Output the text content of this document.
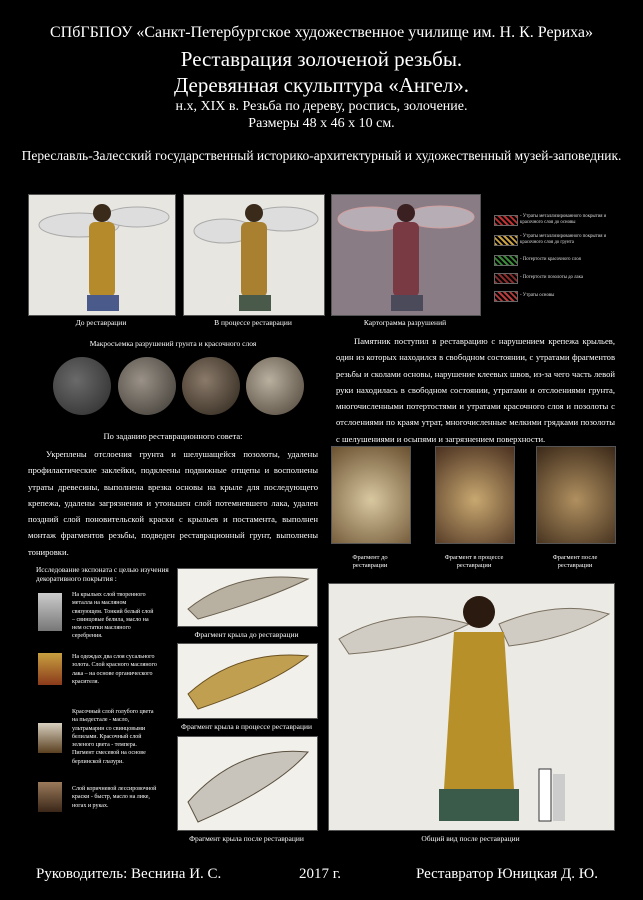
СПбГБПОУ «Санкт-Петербургское художественное училище им. Н. К. Рериха»
Реставрация золоченой резьбы.
Деревянная скульптура «Ангел».
н.х, XIX в. Резьба по дереву, роспись, золочение.
Размеры 48 х 46 х 10 см.
Переславль-Залесский государственный историко-архитектурный и художественный музей-заповедник.
До реставрации	В процессе реставрации	Картограмма разрушений
- Утраты металлизированного покрытия и красочного слоя до основы
- Утраты металлизированного покрытия и красочного слоя до грунта
- Потертости красочного слоя
- Потертости позолоты до лака
- Утраты основы
Макросъемка разрушений грунта и красочного слоя
По заданию реставрационного совета:
Памятник поступил в реставрацию с нарушением крепежа крыльев, один из которых находился в свободном состоянии, с утратами фрагментов резьбы и сколами основы, нарушение клеевых швов, из-за чего часть левой руки находилась в свободном состоянии, утратами и отслоениями грунта, многочисленными потертостями и утратами красочного слоя и позолоты с отслоениями по краям утрат, многочисленные мелкими грядками позолоты с шелушениями и осыпями и загрязнением поверхности.
Укреплены отслоения грунта и шелушащейся позолоты, удалены профилактические заклейки, подклеены подвижные отщепы и восполнены утраты древесины, выполнена врезка основы на крыле для последующего крепежа, удалены загрязнения и утоньшен слой потемневшего лака, удален поздний слой поновительской краски с крыльев и постамента, выполнен монтаж фрагментов резьбы, подведен реставрационный грунт, выполнены тонировки.
Фрагмент до реставрации
Фрагмент в процессе реставрации
Фрагмент после реставрации
Исследование экспоната с целью изучения декоративного покрытия :
На крыльях слой творенного металла на масляном связующем. Тонкий белый слой – свинцовые белила, масло на нем остатки масляного серебрения.
На одеждах два слоя сусального золота. Слой красного масляного лака – на основе органического красителя.
Красочный слой голубого цвета на пьедестале - масло, ультрамарин со свинцовыми белилами. Красочный слой зеленого цвета - темпера. Пигмент смесевой на основе берлинской глазури.
Слой коричневой лессировочной краски - быстр, масло на лике, ногах и руках.
Фрагмент крыла до реставрации
Фрагмент крыла в процессе реставрации
Фрагмент крыла после реставрации	Общий вид после реставрации
Руководитель: Веснина И. С.	2017 г.	Реставратор Юницкая Д. Ю.
